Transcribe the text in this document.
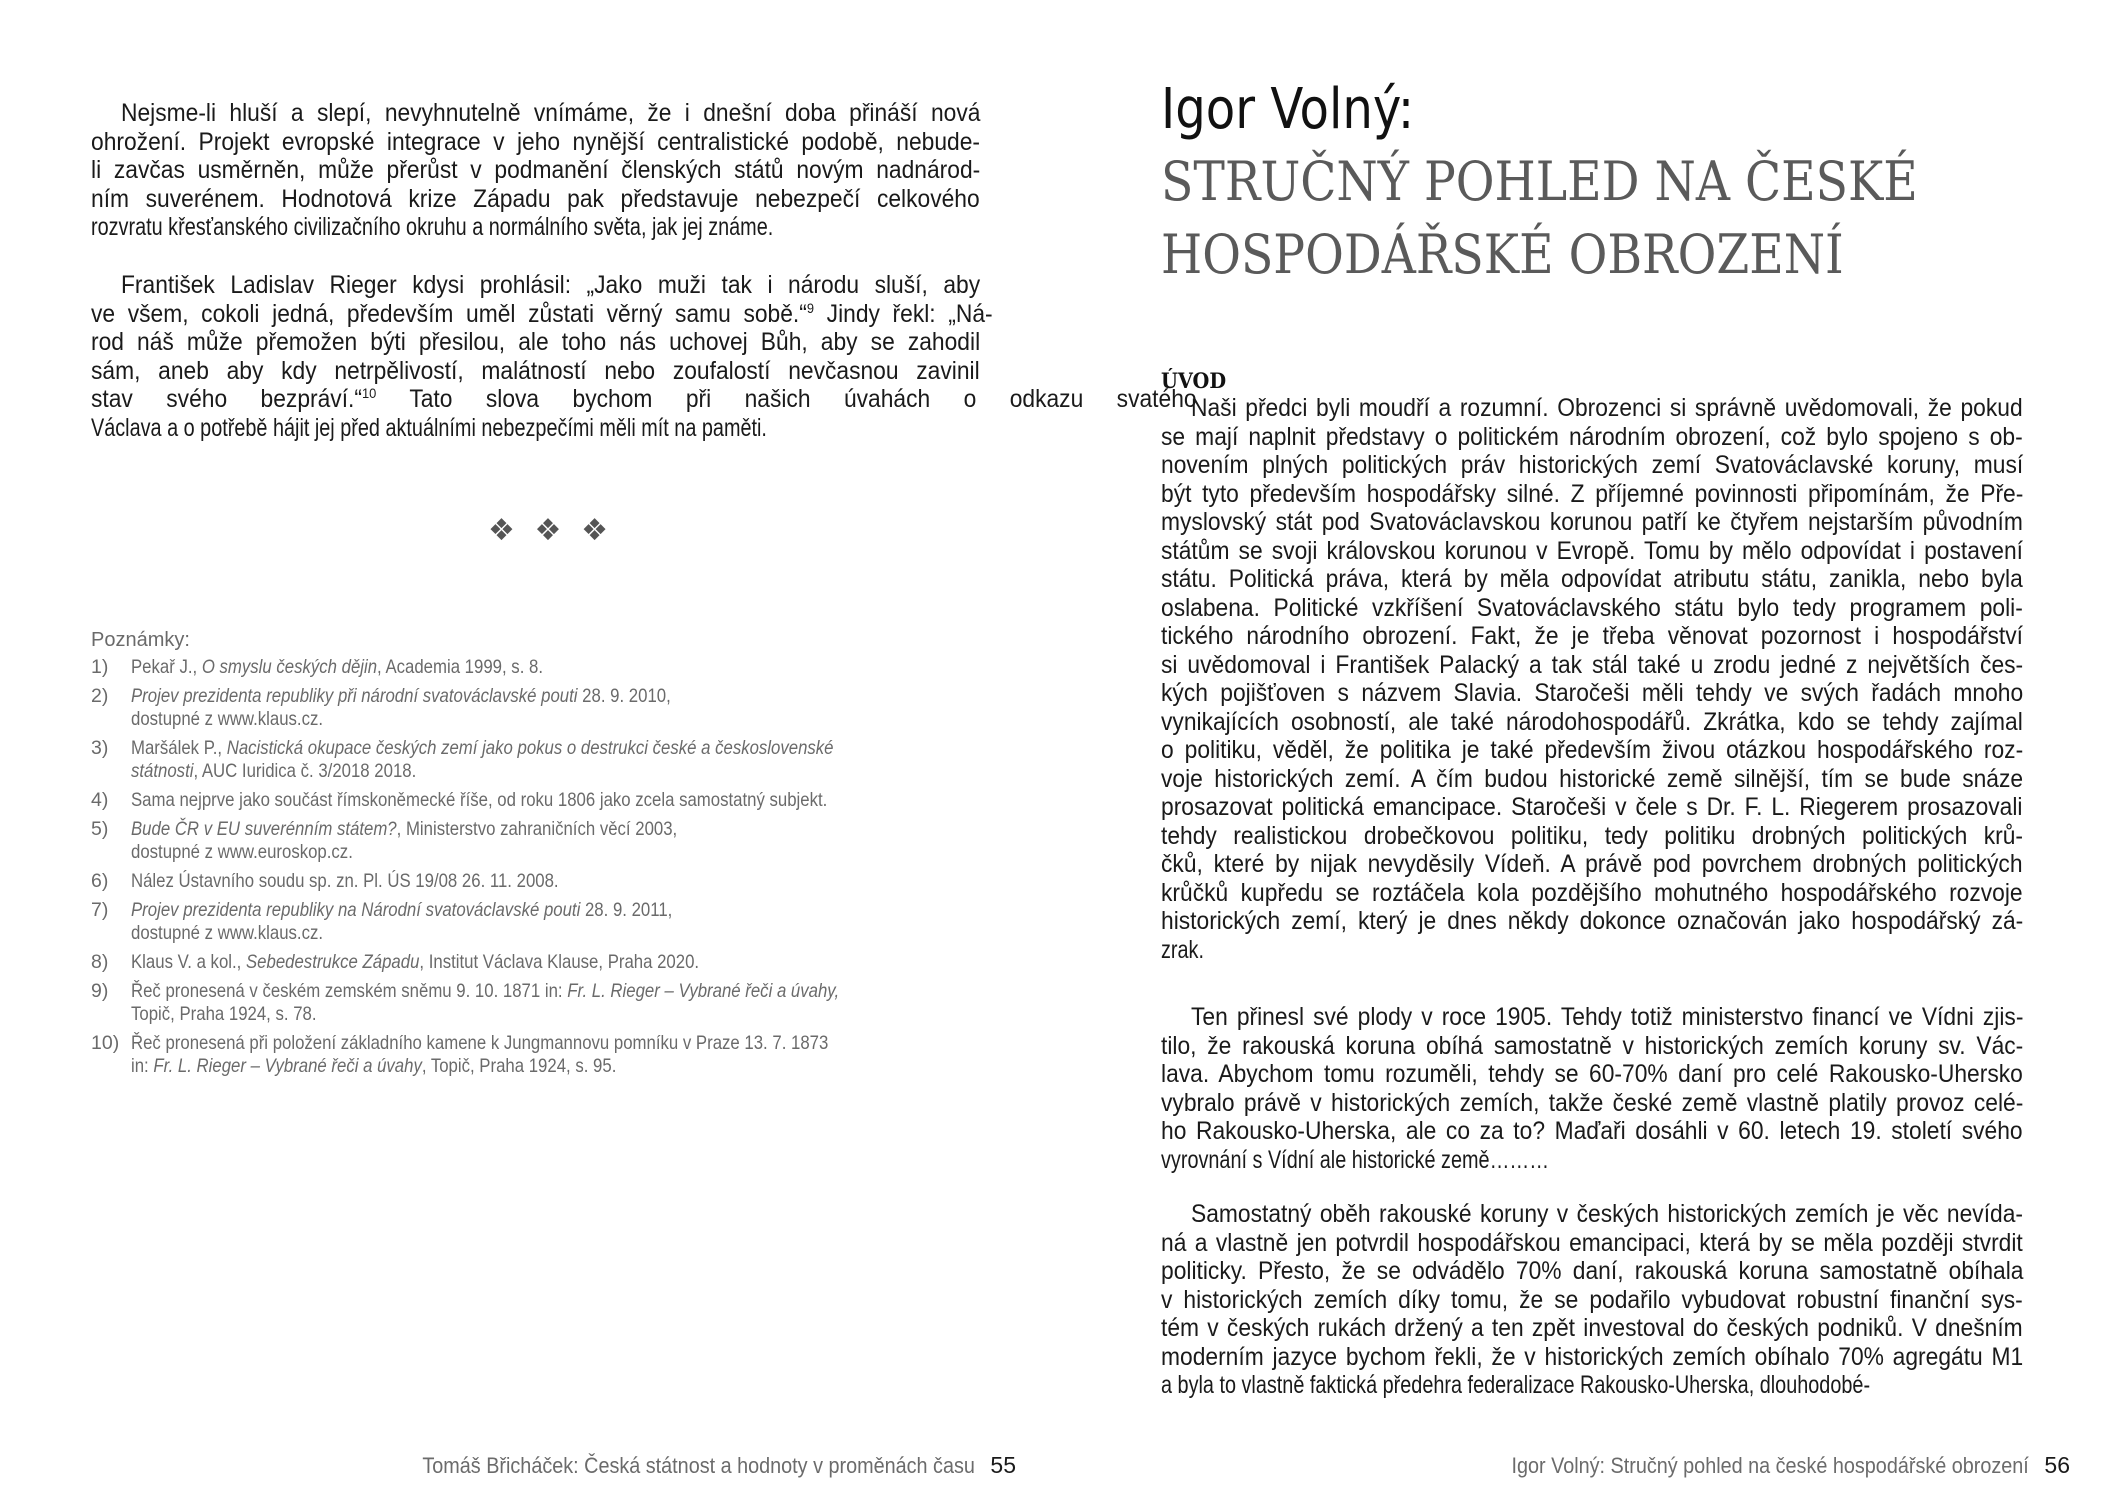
Nejsme-li hluší a slepí, nevyhnutelně vnímáme, že i dnešní doba přináší nová
ohrožení. Projekt evropské integrace v jeho nynější centralistické podobě, nebude-
li zavčas usměrněn, může přerůst v podmanění členských států novým nadnárod-
ním suverénem. Hodnotová krize Západu pak představuje nebezpečí celkového
rozvratu křesťanského civilizačního okruhu a normálního světa, jak jej známe.
František Ladislav Rieger kdysi prohlásil: „Jako muži tak i národu sluší, aby
ve všem, cokoli jedná, především uměl zůstati věrný samu sobě.“$^9$ Jindy řekl: „Ná-
rod náš může přemožen býti přesilou, ale toho nás uchovej Bůh, aby se zahodil
sám, aneb aby kdy netrpělivostí, malátností nebo zoufalostí nevčasnou zavinil
stav svého bezpráví.“$^{10}$ Tato slova bychom při našich úvahách o odkazu svatého
Václava a o potřebě hájit jej před aktuálními nebezpečími měli mít na paměti.
❖ ❖ ❖
Poznámky:
1)	Pekař J., O smyslu českých dějin, Academia 1999, s. 8.
2)	Projev prezidenta republiky při národní svatováclavské pouti 28. 9. 2010,
dostupné z www.klaus.cz.
3)	Maršálek P., Nacistická okupace českých zemí jako pokus o destrukci české a československé
státnosti, AUC Iuridica č. 3/2018 2018.
4)	Sama nejprve jako součást římskoněmecké říše, od roku 1806 jako zcela samostatný subjekt.
5)	Bude ČR v EU suverénním státem?, Ministerstvo zahraničních věcí 2003,
dostupné z www.euroskop.cz.
6)	Nález Ústavního soudu sp. zn. Pl. ÚS 19/08 26. 11. 2008.
7)	Projev prezidenta republiky na Národní svatováclavské pouti 28. 9. 2011,
dostupné z www.klaus.cz.
8)	Klaus V. a kol., Sebedestrukce Západu, Institut Václava Klause, Praha 2020.
9)	Řeč pronesená v českém zemském sněmu 9. 10. 1871 in: Fr. L. Rieger – Vybrané řeči a úvahy,
Topič, Praha 1924, s. 78.
10) Řeč pronesená při položení základního kamene k Jungmannovu pomníku v Praze 13. 7. 1873
in: Fr. L. Rieger – Vybrané řeči a úvahy, Topič, Praha 1924, s. 95.
Tomáš Břicháček: Česká státnost a hodnoty v proměnách času 55
Igor Volný:
STRUČNÝ POHLED NA ČESKÉ
HOSPODÁŘSKÉ OBROZENÍ
ÚVOD
Naši předci byli moudří a rozumní. Obrozenci si správně uvědomovali, že pokud
se mají naplnit představy o politickém národním obrození, což bylo spojeno s ob-
novením plných politických práv historických zemí Svatováclavské koruny, musí
být tyto především hospodářsky silné. Z příjemné povinnosti připomínám, že Pře-
myslovský stát pod Svatováclavskou korunou patří ke čtyřem nejstarším původním
státům se svoji královskou korunou v Evropě. Tomu by mělo odpovídat i postavení
státu. Politická práva, která by měla odpovídat atributu státu, zanikla, nebo byla
oslabena. Politické vzkříšení Svatováclavského státu bylo tedy programem poli-
tického národního obrození. Fakt, že je třeba věnovat pozornost i hospodářství
si uvědomoval i František Palacký a tak stál také u zrodu jedné z největších čes-
kých pojišťoven s názvem Slavia. Staročeši měli tehdy ve svých řadách mnoho
vynikajících osobností, ale také národohospodářů. Zkrátka, kdo se tehdy zajímal
o politiku, věděl, že politika je také především živou otázkou hospodářského roz-
voje historických zemí. A čím budou historické země silnější, tím se bude snáze
prosazovat politická emancipace. Staročeši v čele s Dr. F. L. Riegerem prosazovali
tehdy realistickou drobečkovou politiku, tedy politiku drobných politických krů-
čků, které by nijak nevyděsily Vídeň. A právě pod povrchem drobných politických
krůčků kupředu se roztáčela kola pozdějšího mohutného hospodářského rozvoje
historických zemí, který je dnes někdy dokonce označován jako hospodářský zá-
zrak.
Ten přinesl své plody v roce 1905. Tehdy totiž ministerstvo financí ve Vídni zjis-
tilo, že rakouská koruna obíhá samostatně v historických zemích koruny sv. Vác-
lava. Abychom tomu rozuměli, tehdy se 60-70% daní pro celé Rakousko-Uhersko
vybralo právě v historických zemích, takže české země vlastně platily provoz celé-
ho Rakousko-Uherska, ale co za to? Maďaři dosáhli v 60. letech 19. století svého
vyrovnání s Vídní ale historické země………
Samostatný oběh rakouské koruny v českých historických zemích je věc nevída-
ná a vlastně jen potvrdil hospodářskou emancipaci, která by se měla později stvrdit
politicky. Přesto, že se odvádělo 70% daní, rakouská koruna samostatně obíhala
v historických zemích díky tomu, že se podařilo vybudovat robustní finanční sys-
tém v českých rukách držený a ten zpět investoval do českých podniků. V dnešním
moderním jazyce bychom řekli, že v historických zemích obíhalo 70% agregátu M1
a byla to vlastně faktická předehra federalizace Rakousko-Uherska, dlouhodobé-
Igor Volný: Stručný pohled na české hospodářské obrození 56
